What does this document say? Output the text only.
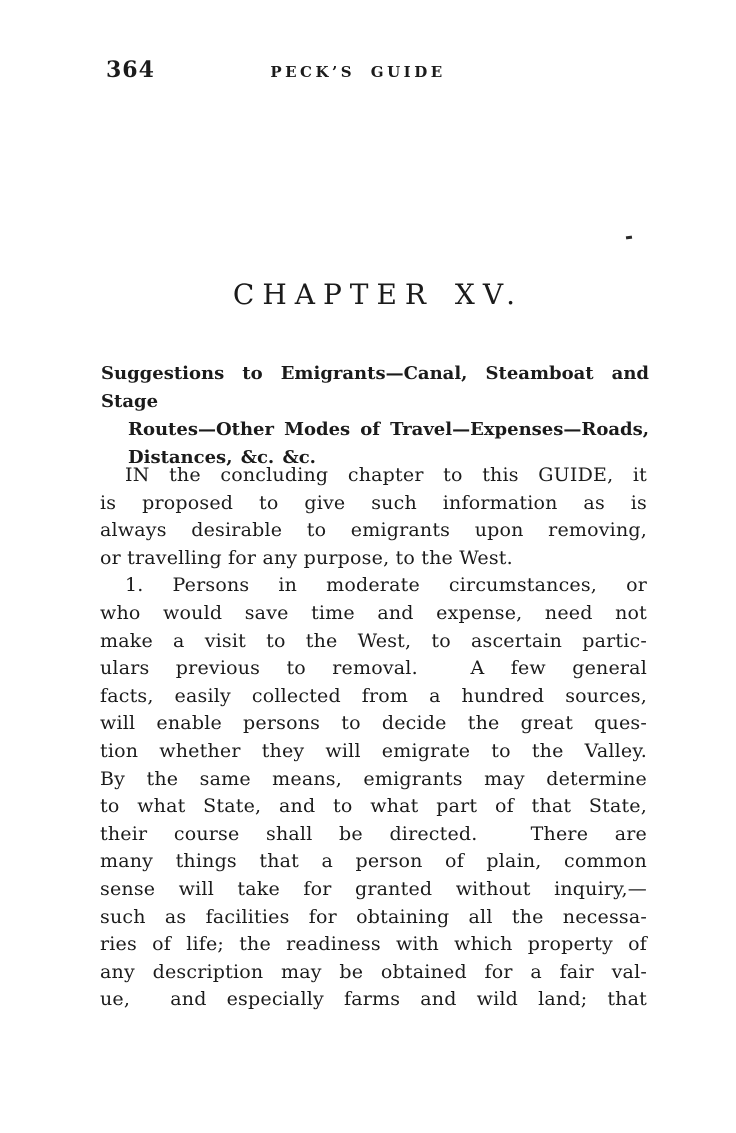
364	PECK’S GUIDE
CHAPTER XV.
Suggestions to Emigrants—Canal, Steamboat and Stage
Routes—Other Modes of Travel—Expenses—Roads,
Distances, &c. &c.
IN the concluding chapter to this GUIDE, it
is proposed to give such information as is
always desirable to emigrants upon removing,
or travelling for any purpose, to the West.
1. Persons in moderate circumstances, or
who would save time and expense, need not
make a visit to the West, to ascertain partic-
ulars previous to removal.  A few general
facts, easily collected from a hundred sources,
will enable persons to decide the great ques-
tion whether they will emigrate to the Valley.
By the same means, emigrants may determine
to what State, and to what part of that State,
their course shall be directed.  There are
many things that a person of plain, common
sense will take for granted without inquiry,—
such as facilities for obtaining all the necessa-
ries of life; the readiness with which property of
any description may be obtained for a fair val-
ue,  and especially farms and wild land; that
